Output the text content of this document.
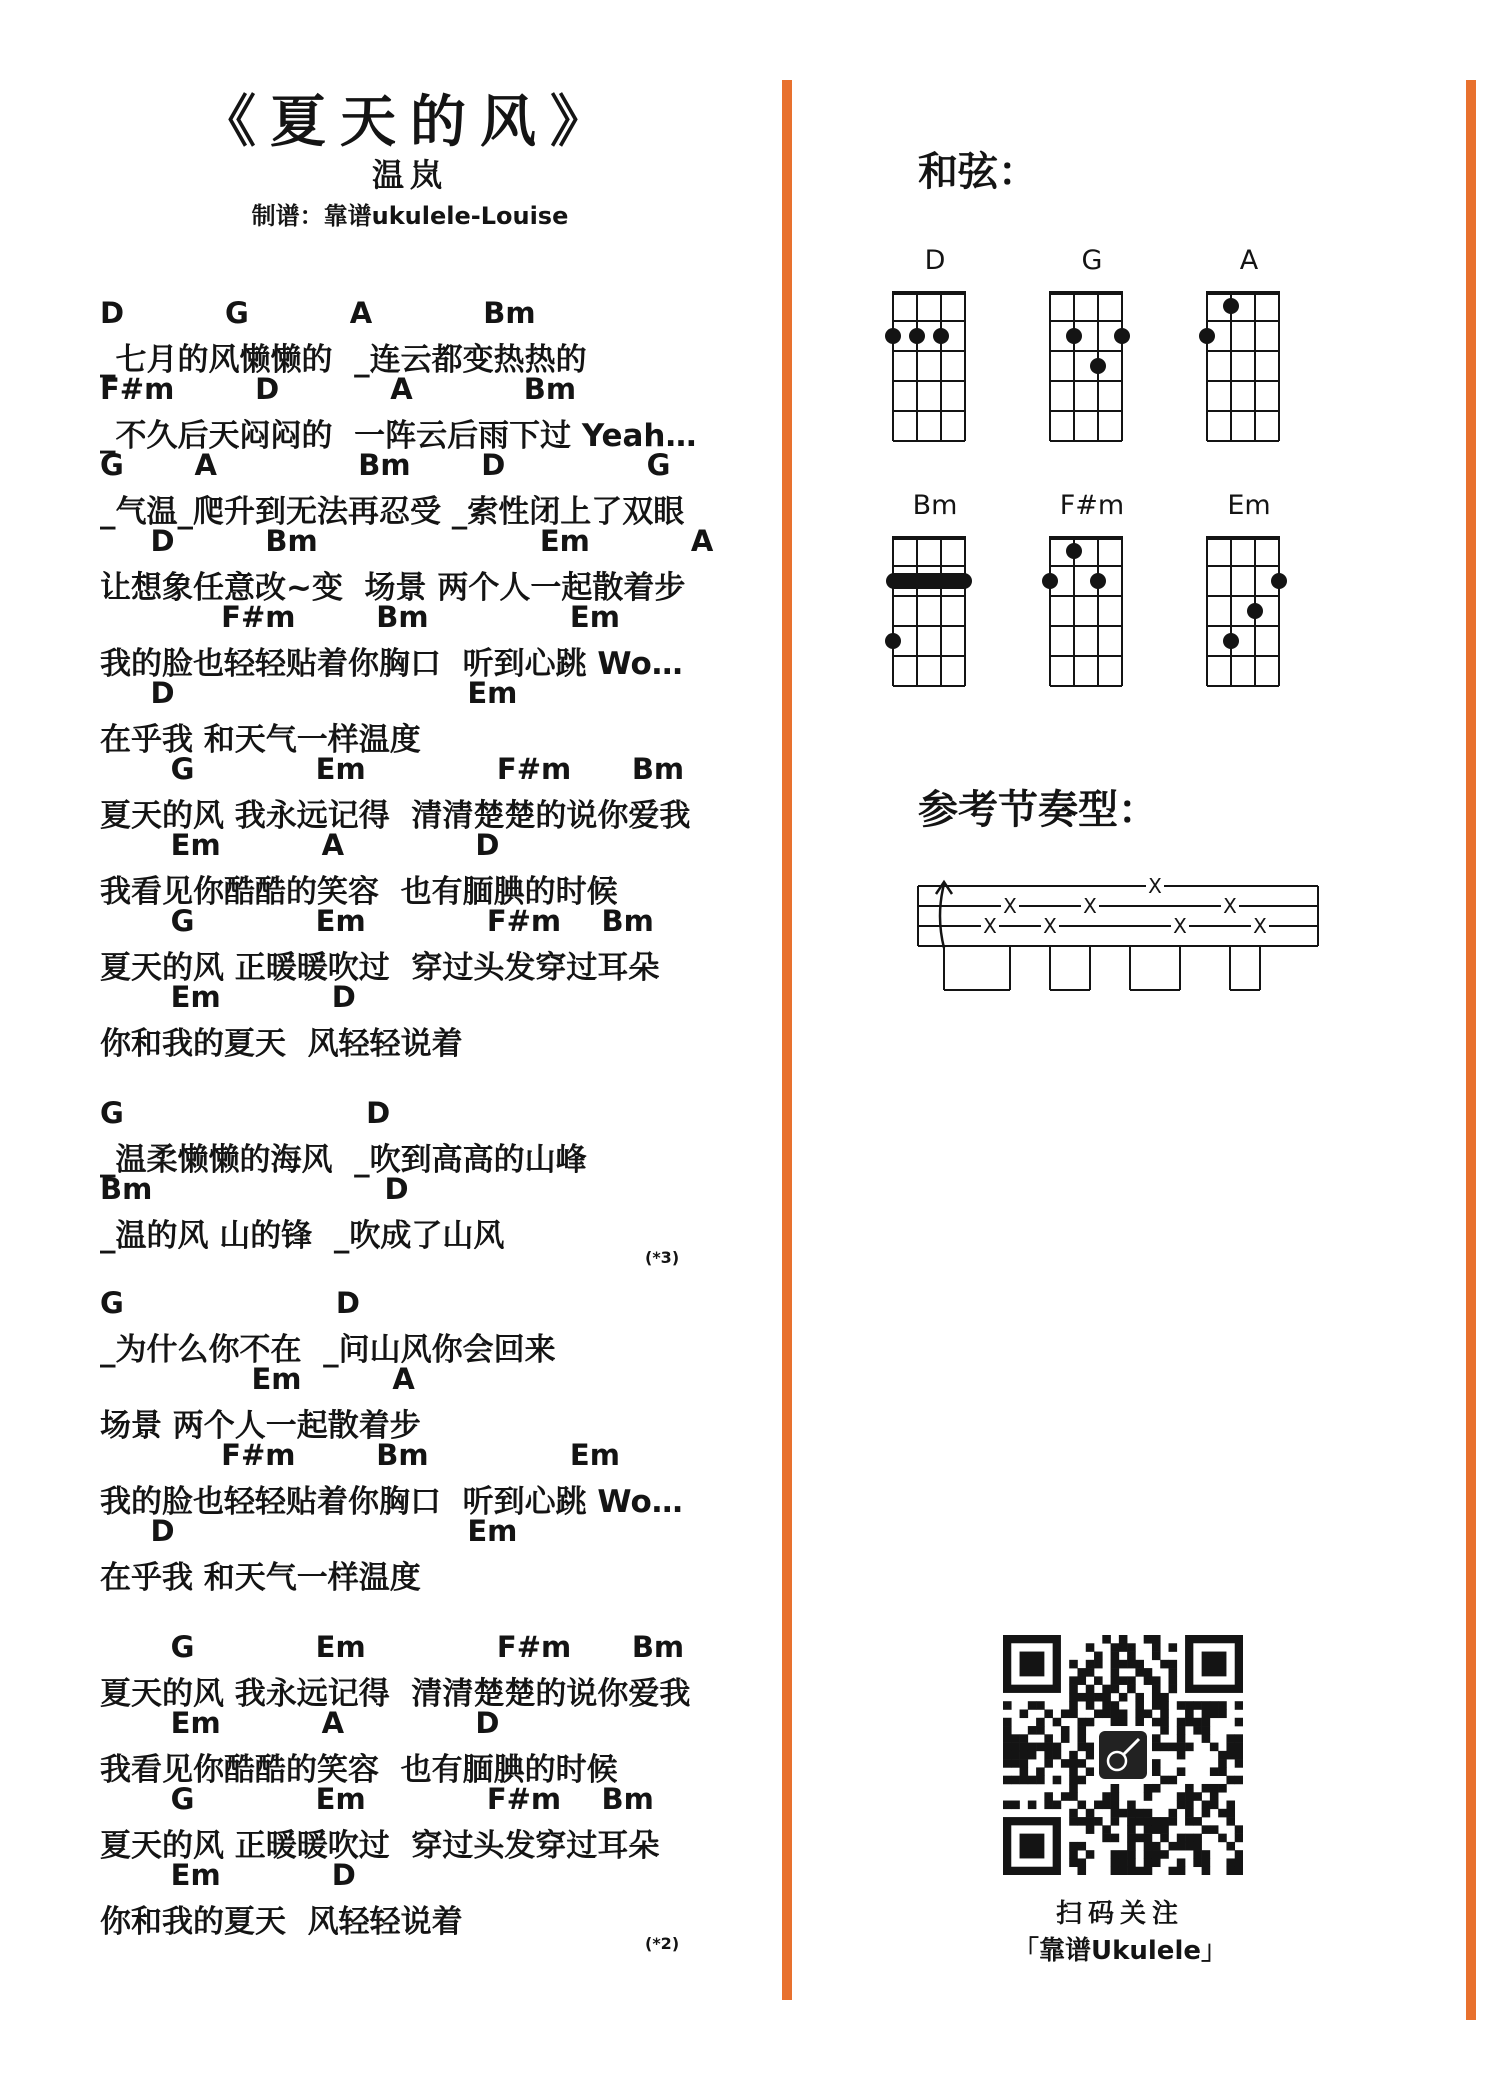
《夏天的风》
温岚
制谱：靠谱ukulele-Louise
D          G          A           Bm
_七月的风懒懒的  _连云都变热热的
F#m        D           A           Bm
_不久后天闷闷的  一阵云后雨下过 Yeah…
G       A              Bm       D              G
_气温_爬升到无法再忍受 _索性闭上了双眼
D         Bm                      Em          A
让想象任意改~变  场景 两个人一起散着步
F#m        Bm              Em
我的脸也轻轻贴着你胸口  听到心跳 Wo…
D                             Em
在乎我 和天气一样温度
G            Em             F#m      Bm
夏天的风 我永远记得  清清楚楚的说你爱我
Em          A             D
我看见你酷酷的笑容  也有腼腆的时候
G            Em            F#m    Bm
夏天的风 正暖暖吹过  穿过头发穿过耳朵
Em           D
你和我的夏天  风轻轻说着
G                        D
_温柔懒懒的海风  _吹到高高的山峰
Bm                       D
_温的风 山的锋  _吹成了山风
(*3)
G                     D
_为什么你不在  _问山风你会回来
Em         A
场景 两个人一起散着步
F#m        Bm              Em
我的脸也轻轻贴着你胸口  听到心跳 Wo…
D                             Em
在乎我 和天气一样温度
G            Em             F#m      Bm
夏天的风 我永远记得  清清楚楚的说你爱我
Em          A             D
我看见你酷酷的笑容  也有腼腆的时候
G            Em            F#m    Bm
夏天的风 正暖暖吹过  穿过头发穿过耳朵
Em           D
你和我的夏天  风轻轻说着
(*2)
和弦：
D	G	A
Bm	F#m	Em
参考节奏型：
X
X
X
X
X
X
X	X
扫码关注
「靠谱Ukulele」
